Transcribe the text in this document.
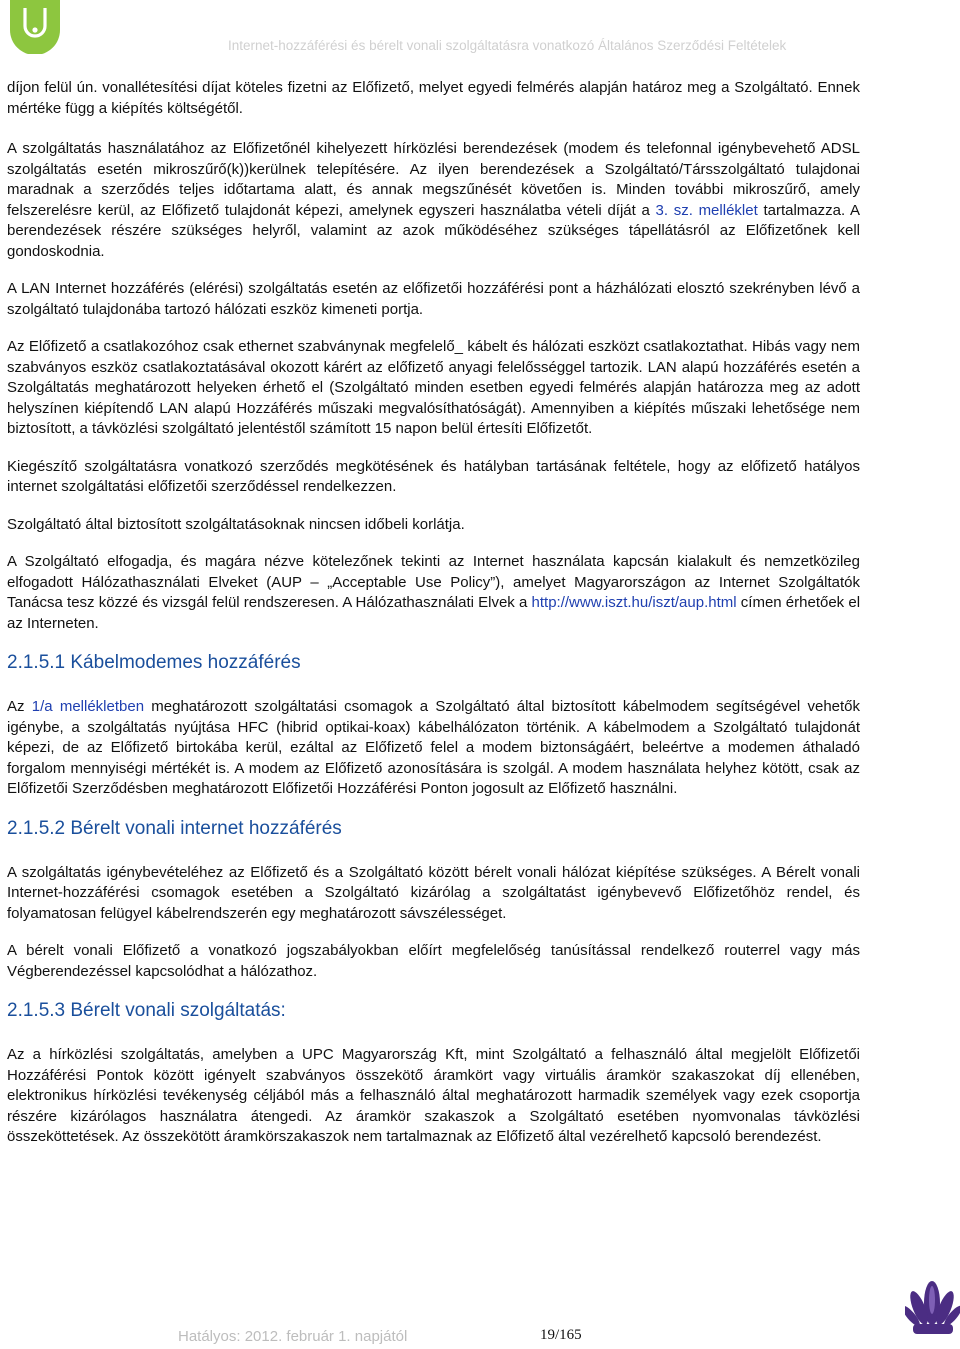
Internet-hozzáférési és bérelt vonali szolgáltatásra vonatkozó Általános Szerződési Feltételek

díjon felül ún. vonallétesítési díjat köteles fizetni az Előfizető, melyet egyedi felmérés alapján határoz meg a Szolgáltató. Ennek mértéke függ a kiépítés költségétől.

A szolgáltatás használatához az Előfizetőnél kihelyezett hírközlési berendezések (modem és telefonnal igénybevehető ADSL szolgáltatás esetén mikroszűrő(k))kerülnek telepítésére. Az ilyen berendezések a Szolgáltató/Társszolgáltató tulajdonai maradnak a szerződés teljes időtartama alatt, és annak megszűnését követően is. Minden további mikroszűrő, amely felszerelésre kerül, az Előfizető tulajdonát képezi, amelynek egyszeri használatba vételi díját a 3. sz. melléklet tartalmazza. A berendezések részére szükséges helyről, valamint az azok működéséhez szükséges tápellátásról az Előfizetőnek kell gondoskodnia.

A LAN Internet hozzáférés (elérési) szolgáltatás esetén az előfizetői hozzáférési pont a házhálózati elosztó szekrényben lévő a szolgáltató tulajdonába tartozó hálózati eszköz kimeneti portja.

Az Előfizető a csatlakozóhoz csak ethernet szabványnak megfelelő_ kábelt és hálózati eszközt csatlakoztathat. Hibás vagy nem szabványos eszköz csatlakoztatásával okozott kárért az előfizető anyagi felelősséggel tartozik. LAN alapú hozzáférés esetén a Szolgáltatás meghatározott helyeken érhető el (Szolgáltató minden esetben egyedi felmérés alapján határozza meg az adott helyszínen kiépítendő LAN alapú Hozzáférés műszaki megvalósíthatóságát). Amennyiben a kiépítés műszaki lehetősége nem biztosított, a távközlési szolgáltató jelentéstől számított 15 napon belül értesíti Előfizetőt.

Kiegészítő szolgáltatásra vonatkozó szerződés megkötésének és hatályban tartásának feltétele, hogy az előfizető hatályos internet szolgáltatási előfizetői szerződéssel rendelkezzen.

Szolgáltató által biztosított szolgáltatásoknak nincsen időbeli korlátja.

A Szolgáltató elfogadja, és magára nézve kötelezőnek tekinti az Internet használata kapcsán kialakult és nemzetközileg elfogadott Hálózathasználati Elveket (AUP – „Acceptable Use Policy”), amelyet Magyarországon az Internet Szolgáltatók Tanácsa tesz közzé és vizsgál felül rendszeresen. A Hálózathasználati Elvek a http://www.iszt.hu/iszt/aup.html címen érhetőek el az Interneten.

2.1.5.1 Kábelmodemes hozzáférés

Az 1/a mellékletben meghatározott szolgáltatási csomagok a Szolgáltató által biztosított kábelmodem segítségével vehetők igénybe, a szolgáltatás nyújtása HFC (hibrid optikai-koax) kábelhálózaton történik. A kábelmodem a Szolgáltató tulajdonát képezi, de az Előfizető birtokába kerül, ezáltal az Előfizető felel a modem biztonságáért, beleértve a modemen áthaladó forgalom mennyiségi mértékét is. A modem az Előfizető azonosítására is szolgál. A modem használata helyhez kötött, csak az Előfizetői Szerződésben meghatározott Előfizetői Hozzáférési Ponton jogosult az Előfizető használni.

2.1.5.2 Bérelt vonali internet hozzáférés

A szolgáltatás igénybevételéhez az Előfizető és a Szolgáltató között bérelt vonali hálózat kiépítése szükséges. A Bérelt vonali Internet-hozzáférési csomagok esetében a Szolgáltató kizárólag a szolgáltatást igénybevevő Előfizetőhöz rendel, és folyamatosan felügyel kábelrendszerén egy meghatározott sávszélességet.

A bérelt vonali Előfizető a vonatkozó jogszabályokban előírt megfelelőség tanúsítással rendelkező routerrel vagy más Végberendezéssel kapcsolódhat a hálózathoz.

2.1.5.3 Bérelt vonali szolgáltatás:

Az a hírközlési szolgáltatás, amelyben a UPC Magyarország Kft, mint Szolgáltató a felhasználó által megjelölt Előfizetői Hozzáférési Pontok között igényelt szabványos összekötő áramkört vagy virtuális áramkör szakaszokat díj ellenében, elektronikus hírközlési tevékenység céljából más a felhasználó által meghatározott harmadik személyek vagy ezek csoportja részére kizárólagos használatra átengedi. Az áramkör szakaszok a Szolgáltató esetében nyomvonalas távközlési összeköttetések. Az összekötött áramkörszakaszok nem tartalmaznak az Előfizető által vezérelhető kapcsoló berendezést.

Hatályos: 2012. február 1. napjától	19/165
